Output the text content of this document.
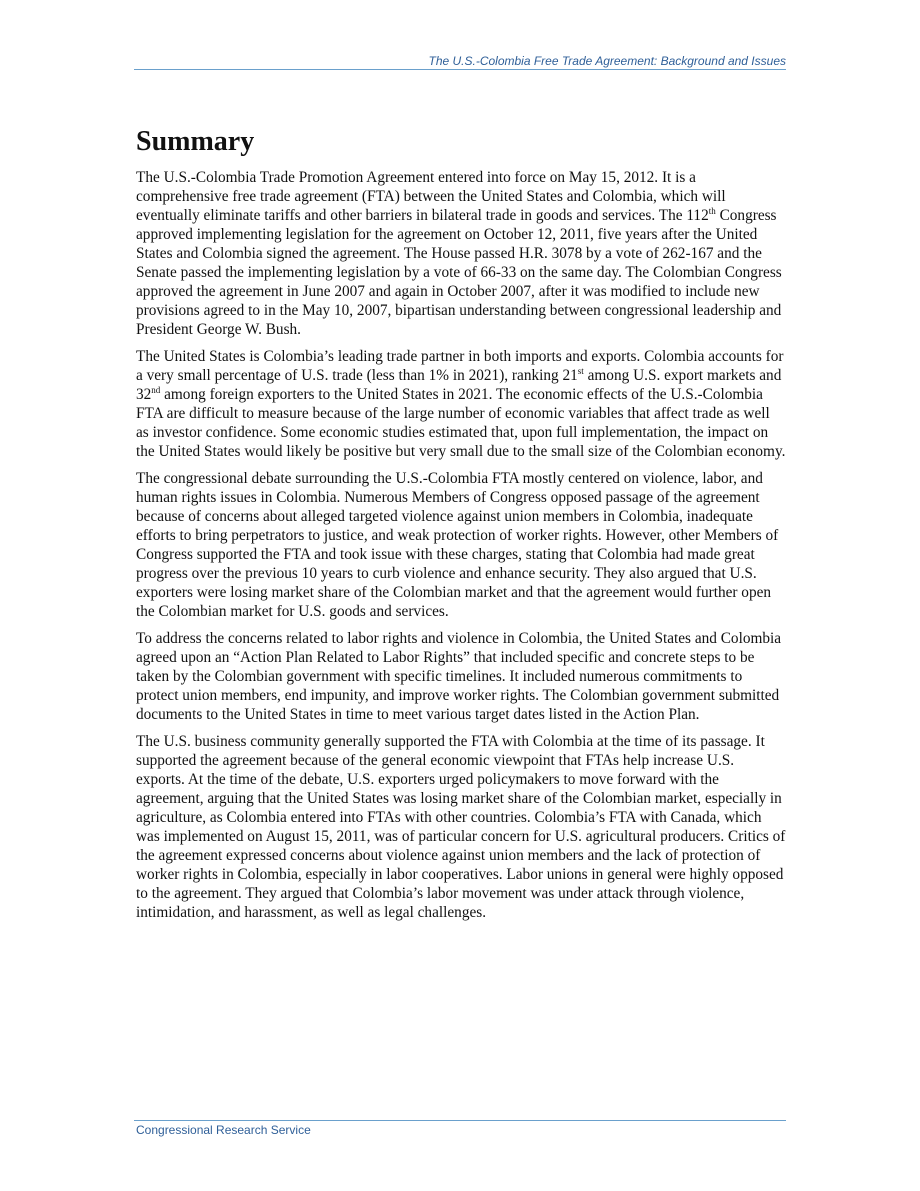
The U.S.-Colombia Free Trade Agreement: Background and Issues
Summary

The U.S.-Colombia Trade Promotion Agreement entered into force on May 15, 2012. It is a comprehensive free trade agreement (FTA) between the United States and Colombia, which will eventually eliminate tariffs and other barriers in bilateral trade in goods and services. The 112th Congress approved implementing legislation for the agreement on October 12, 2011, five years after the United States and Colombia signed the agreement. The House passed H.R. 3078 by a vote of 262-167 and the Senate passed the implementing legislation by a vote of 66-33 on the same day. The Colombian Congress approved the agreement in June 2007 and again in October 2007, after it was modified to include new provisions agreed to in the May 10, 2007, bipartisan understanding between congressional leadership and President George W. Bush.

The United States is Colombia’s leading trade partner in both imports and exports. Colombia accounts for a very small percentage of U.S. trade (less than 1% in 2021), ranking 21st among U.S. export markets and 32nd among foreign exporters to the United States in 2021. The economic effects of the U.S.-Colombia FTA are difficult to measure because of the large number of economic variables that affect trade as well as investor confidence. Some economic studies estimated that, upon full implementation, the impact on the United States would likely be positive but very small due to the small size of the Colombian economy.

The congressional debate surrounding the U.S.-Colombia FTA mostly centered on violence, labor, and human rights issues in Colombia. Numerous Members of Congress opposed passage of the agreement because of concerns about alleged targeted violence against union members in Colombia, inadequate efforts to bring perpetrators to justice, and weak protection of worker rights. However, other Members of Congress supported the FTA and took issue with these charges, stating that Colombia had made great progress over the previous 10 years to curb violence and enhance security. They also argued that U.S. exporters were losing market share of the Colombian market and that the agreement would further open the Colombian market for U.S. goods and services.

To address the concerns related to labor rights and violence in Colombia, the United States and Colombia agreed upon an “Action Plan Related to Labor Rights” that included specific and concrete steps to be taken by the Colombian government with specific timelines. It included numerous commitments to protect union members, end impunity, and improve worker rights. The Colombian government submitted documents to the United States in time to meet various target dates listed in the Action Plan.

The U.S. business community generally supported the FTA with Colombia at the time of its passage. It supported the agreement because of the general economic viewpoint that FTAs help increase U.S. exports. At the time of the debate, U.S. exporters urged policymakers to move forward with the agreement, arguing that the United States was losing market share of the Colombian market, especially in agriculture, as Colombia entered into FTAs with other countries. Colombia’s FTA with Canada, which was implemented on August 15, 2011, was of particular concern for U.S. agricultural producers. Critics of the agreement expressed concerns about violence against union members and the lack of protection of worker rights in Colombia, especially in labor cooperatives. Labor unions in general were highly opposed to the agreement. They argued that Colombia’s labor movement was under attack through violence, intimidation, and harassment, as well as legal challenges.

Congressional Research Service
